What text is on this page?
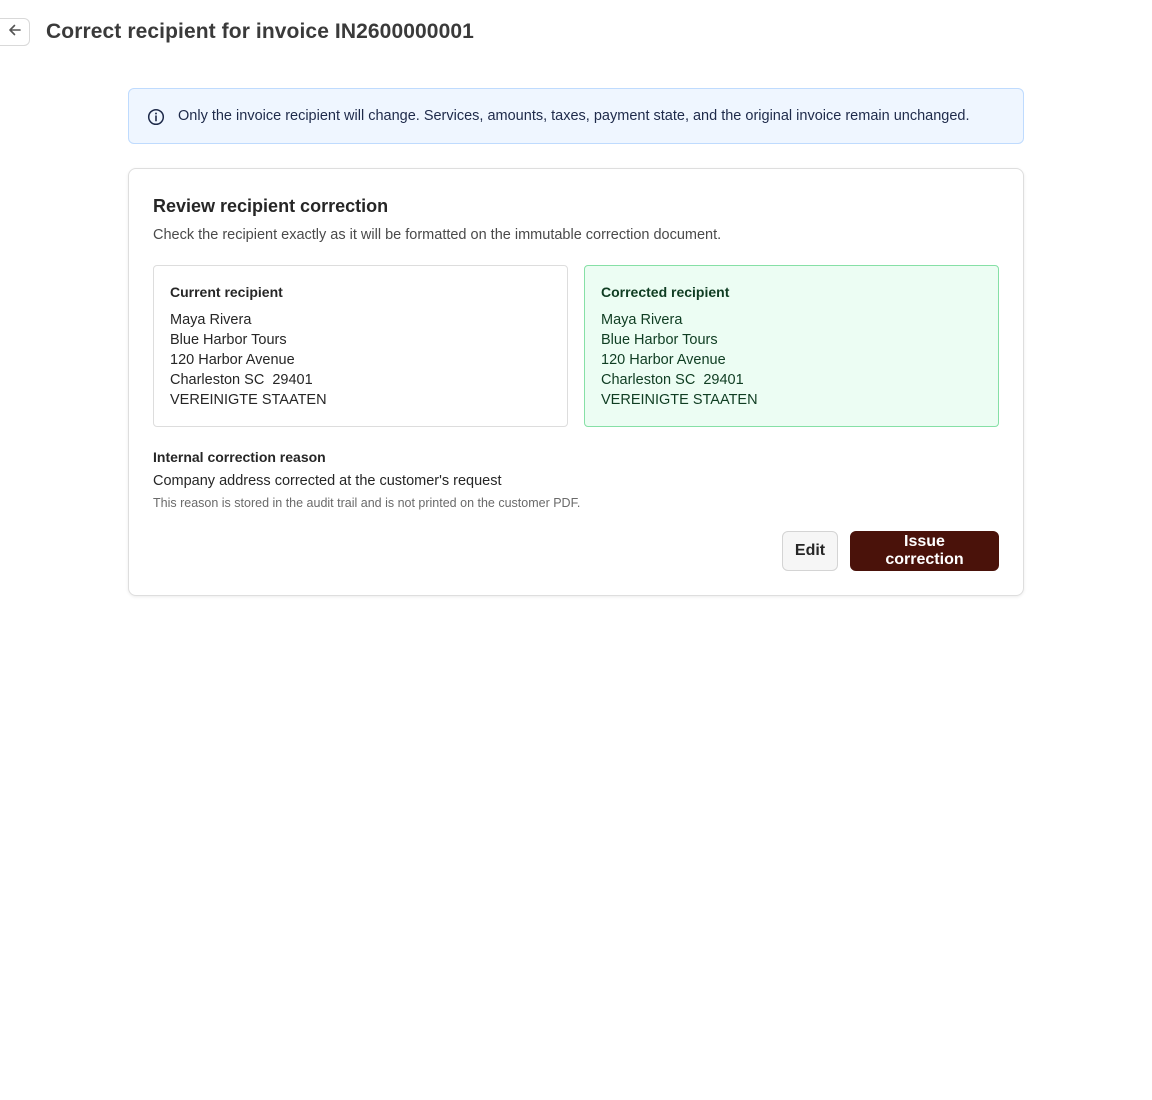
Correct recipient for invoice IN2600000001
Only the invoice recipient will change. Services, amounts, taxes, payment state, and the original invoice remain unchanged.
Review recipient correction

Check the recipient exactly as it will be formatted on the immutable correction document.

Current recipient
Maya Rivera
Blue Harbor Tours
120 Harbor Avenue
Charleston SC  29401
VEREINIGTE STAATEN
Corrected recipient
Maya Rivera
Blue Harbor Tours
120 Harbor Avenue
Charleston SC  29401
VEREINIGTE STAATEN
Internal correction reason
Company address corrected at the customer's request
This reason is stored in the audit trail and is not printed on the customer PDF.
Edit
Issue correction
